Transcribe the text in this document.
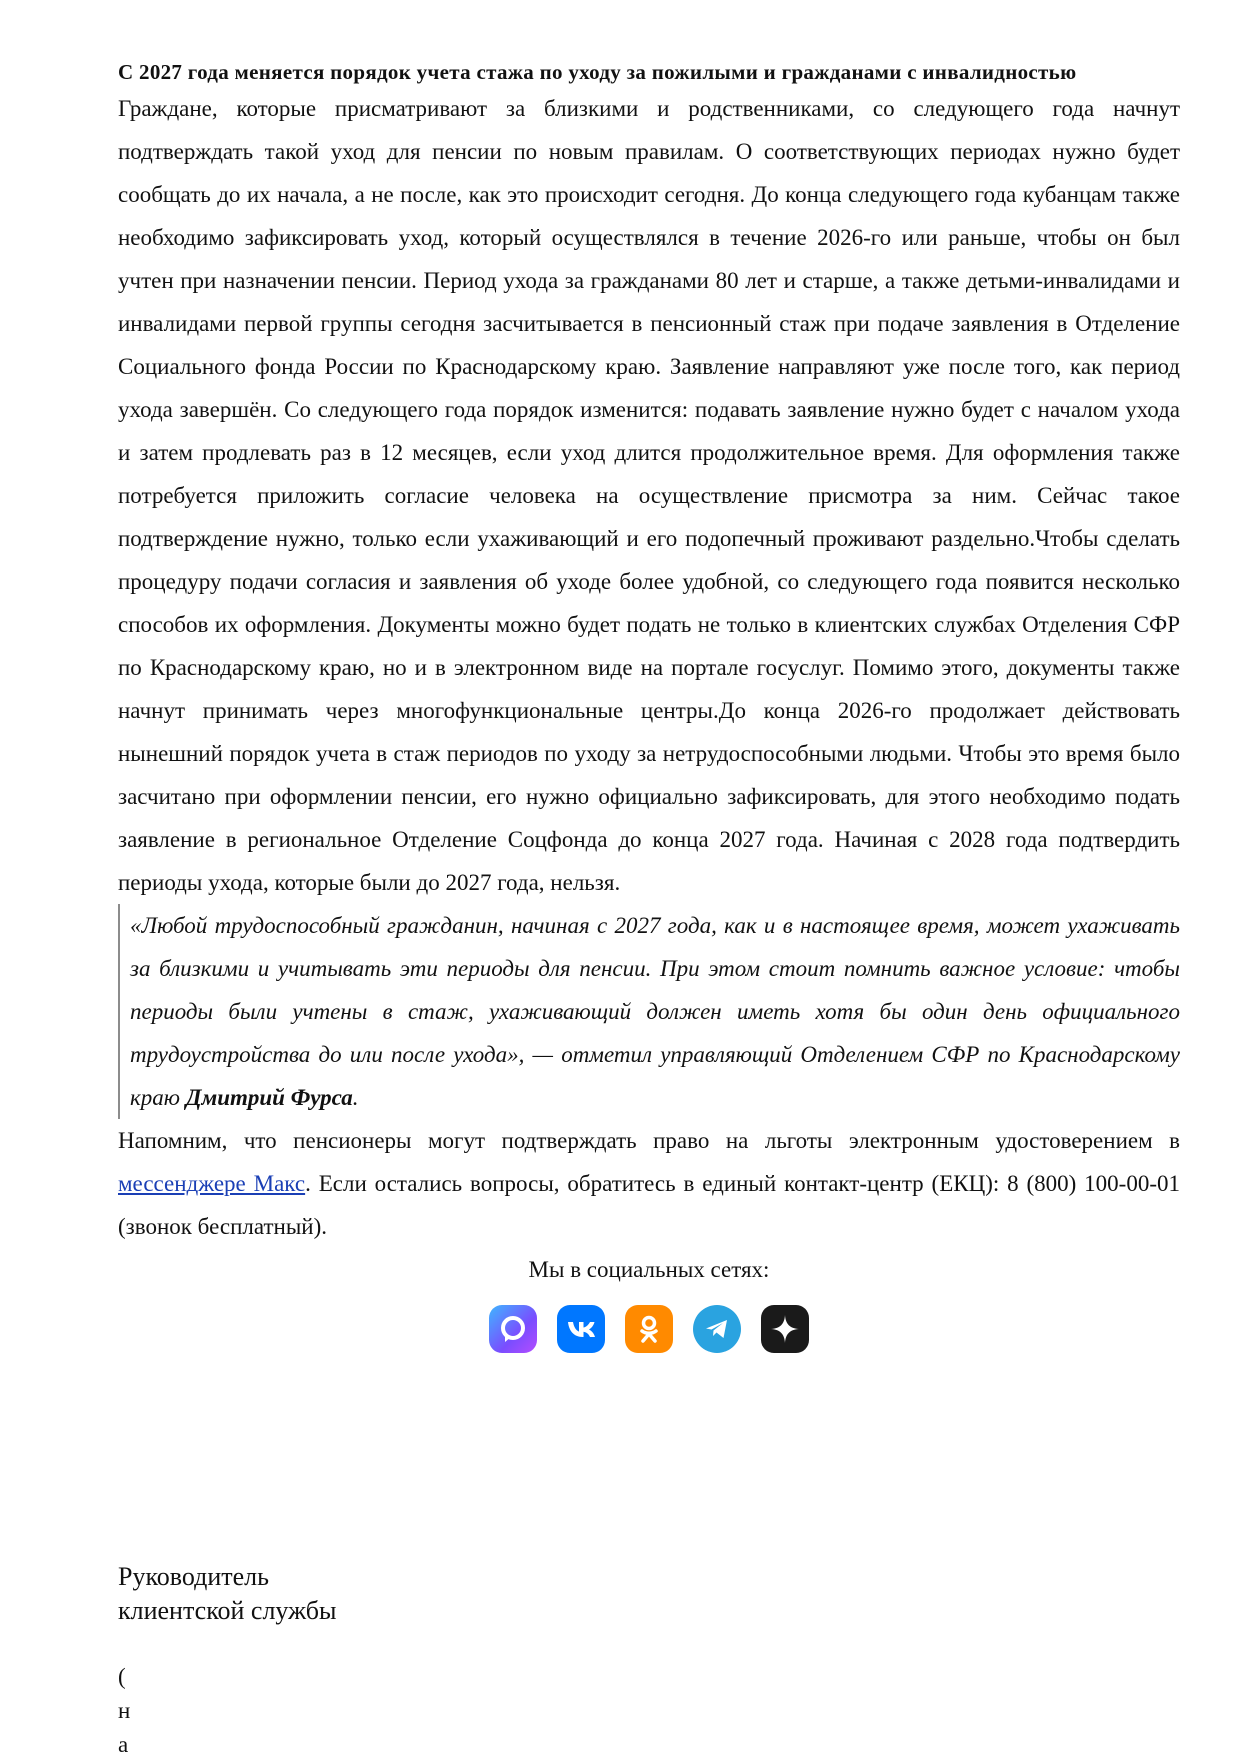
С 2027 года меняется порядок учета стажа по уходу за пожилыми и гражданами с инвалидностью

Граждане, которые присматривают за близкими и родственниками, со следующего года начнут подтверждать такой уход для пенсии по новым правилам. О соответствующих периодах нужно будет сообщать до их начала, а не после, как это происходит сегодня. До конца следующего года кубанцам также необходимо зафиксировать уход, который осуществлялся в течение 2026-го или раньше, чтобы он был учтен при назначении пенсии. Период ухода за гражданами 80 лет и старше, а также детьми-инвалидами и инвалидами первой группы сегодня засчитывается в пенсионный стаж при подаче заявления в Отделение Социального фонда России по Краснодарскому краю. Заявление направляют уже после того, как период ухода завершён. Со следующего года порядок изменится: подавать заявление нужно будет с началом ухода и затем продлевать раз в 12 месяцев, если уход длится продолжительное время. Для оформления также потребуется приложить согласие человека на осуществление присмотра за ним. Сейчас такое подтверждение нужно, только если ухаживающий и его подопечный проживают раздельно.Чтобы сделать процедуру подачи согласия и заявления об уходе более удобной, со следующего года появится несколько способов их оформления. Документы можно будет подать не только в клиентских службах Отделения СФР по Краснодарскому краю, но и в электронном виде на портале госуслуг. Помимо этого, документы также начнут принимать через многофункциональные центры.До конца 2026-го продолжает действовать нынешний порядок учета в стаж периодов по уходу за нетрудоспособными людьми. Чтобы это время было засчитано при оформлении пенсии, его нужно официально зафиксировать, для этого необходимо подать заявление в региональное Отделение Соцфонда до конца 2027 года. Начиная с 2028 года подтвердить периоды ухода, которые были до 2027 года, нельзя.

«Любой трудоспособный гражданин, начиная с 2027 года, как и в настоящее время, может ухаживать за близкими и учитывать эти периоды для пенсии. При этом стоит помнить важное условие: чтобы периоды были учтены в стаж, ухаживающий должен иметь хотя бы один день официального трудоустройства до или после ухода», — отметил управляющий Отделением СФР по Краснодарскому краю Дмитрий Фурса.

Напомним, что пенсионеры могут подтверждать право на льготы электронным удостоверением в мессенджере Макс. Если остались вопросы, обратитесь в единый контакт-центр (ЕКЦ): 8 (800) 100-00-01 (звонок бесплатный).

Мы в социальных сетях:

Руководитель

клиентской службы

(
н
а
